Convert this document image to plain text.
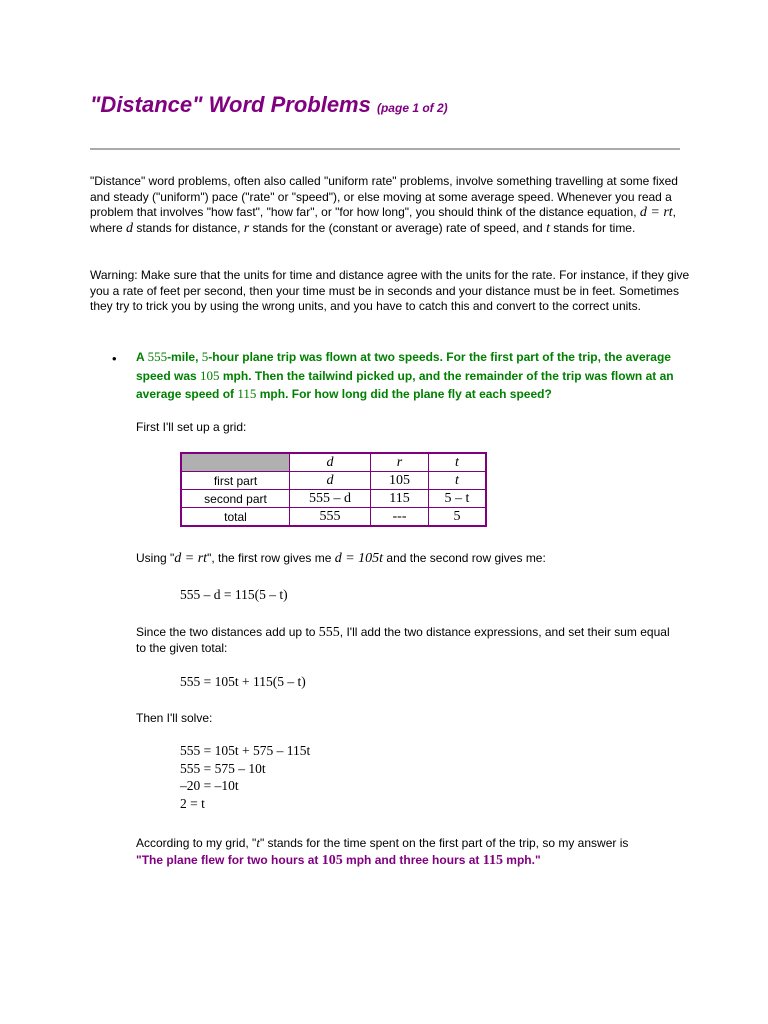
"Distance" Word Problems (page 1 of 2)

"Distance" word problems, often also called "uniform rate" problems, involve something travelling at some fixed and steady ("uniform") pace ("rate" or "speed"), or else moving at some average speed. Whenever you read a problem that involves "how fast", "how far", or "for how long", you should think of the distance equation, d = rt, where d stands for distance, r stands for the (constant or average) rate of speed, and t stands for time.

Warning: Make sure that the units for time and distance agree with the units for the rate. For instance, if they give you a rate of feet per second, then your time must be in seconds and your distance must be in feet. Sometimes they try to trick you by using the wrong units, and you have to catch this and convert to the correct units.

• A 555-mile, 5-hour plane trip was flown at two speeds. For the first part of the trip, the average speed was 105 mph. Then the tailwind picked up, and the remainder of the trip was flown at an average speed of 115 mph. For how long did the plane fly at each speed?

First I'll set up a grid:

	d	r	t
first part	d	105	t
second part	555 – d	115	5 – t
total	555	---	5

Using "d = rt", the first row gives me d = 105t and the second row gives me:

555 – d = 115(5 – t)

Since the two distances add up to 555, I'll add the two distance expressions, and set their sum equal to the given total:

555 = 105t + 115(5 – t)

Then I'll solve:

555 = 105t + 575 – 115t
555 = 575 – 10t
–20 = –10t
2 = t

According to my grid, "t" stands for the time spent on the first part of the trip, so my answer is
"The plane flew for two hours at 105 mph and three hours at 115 mph."
